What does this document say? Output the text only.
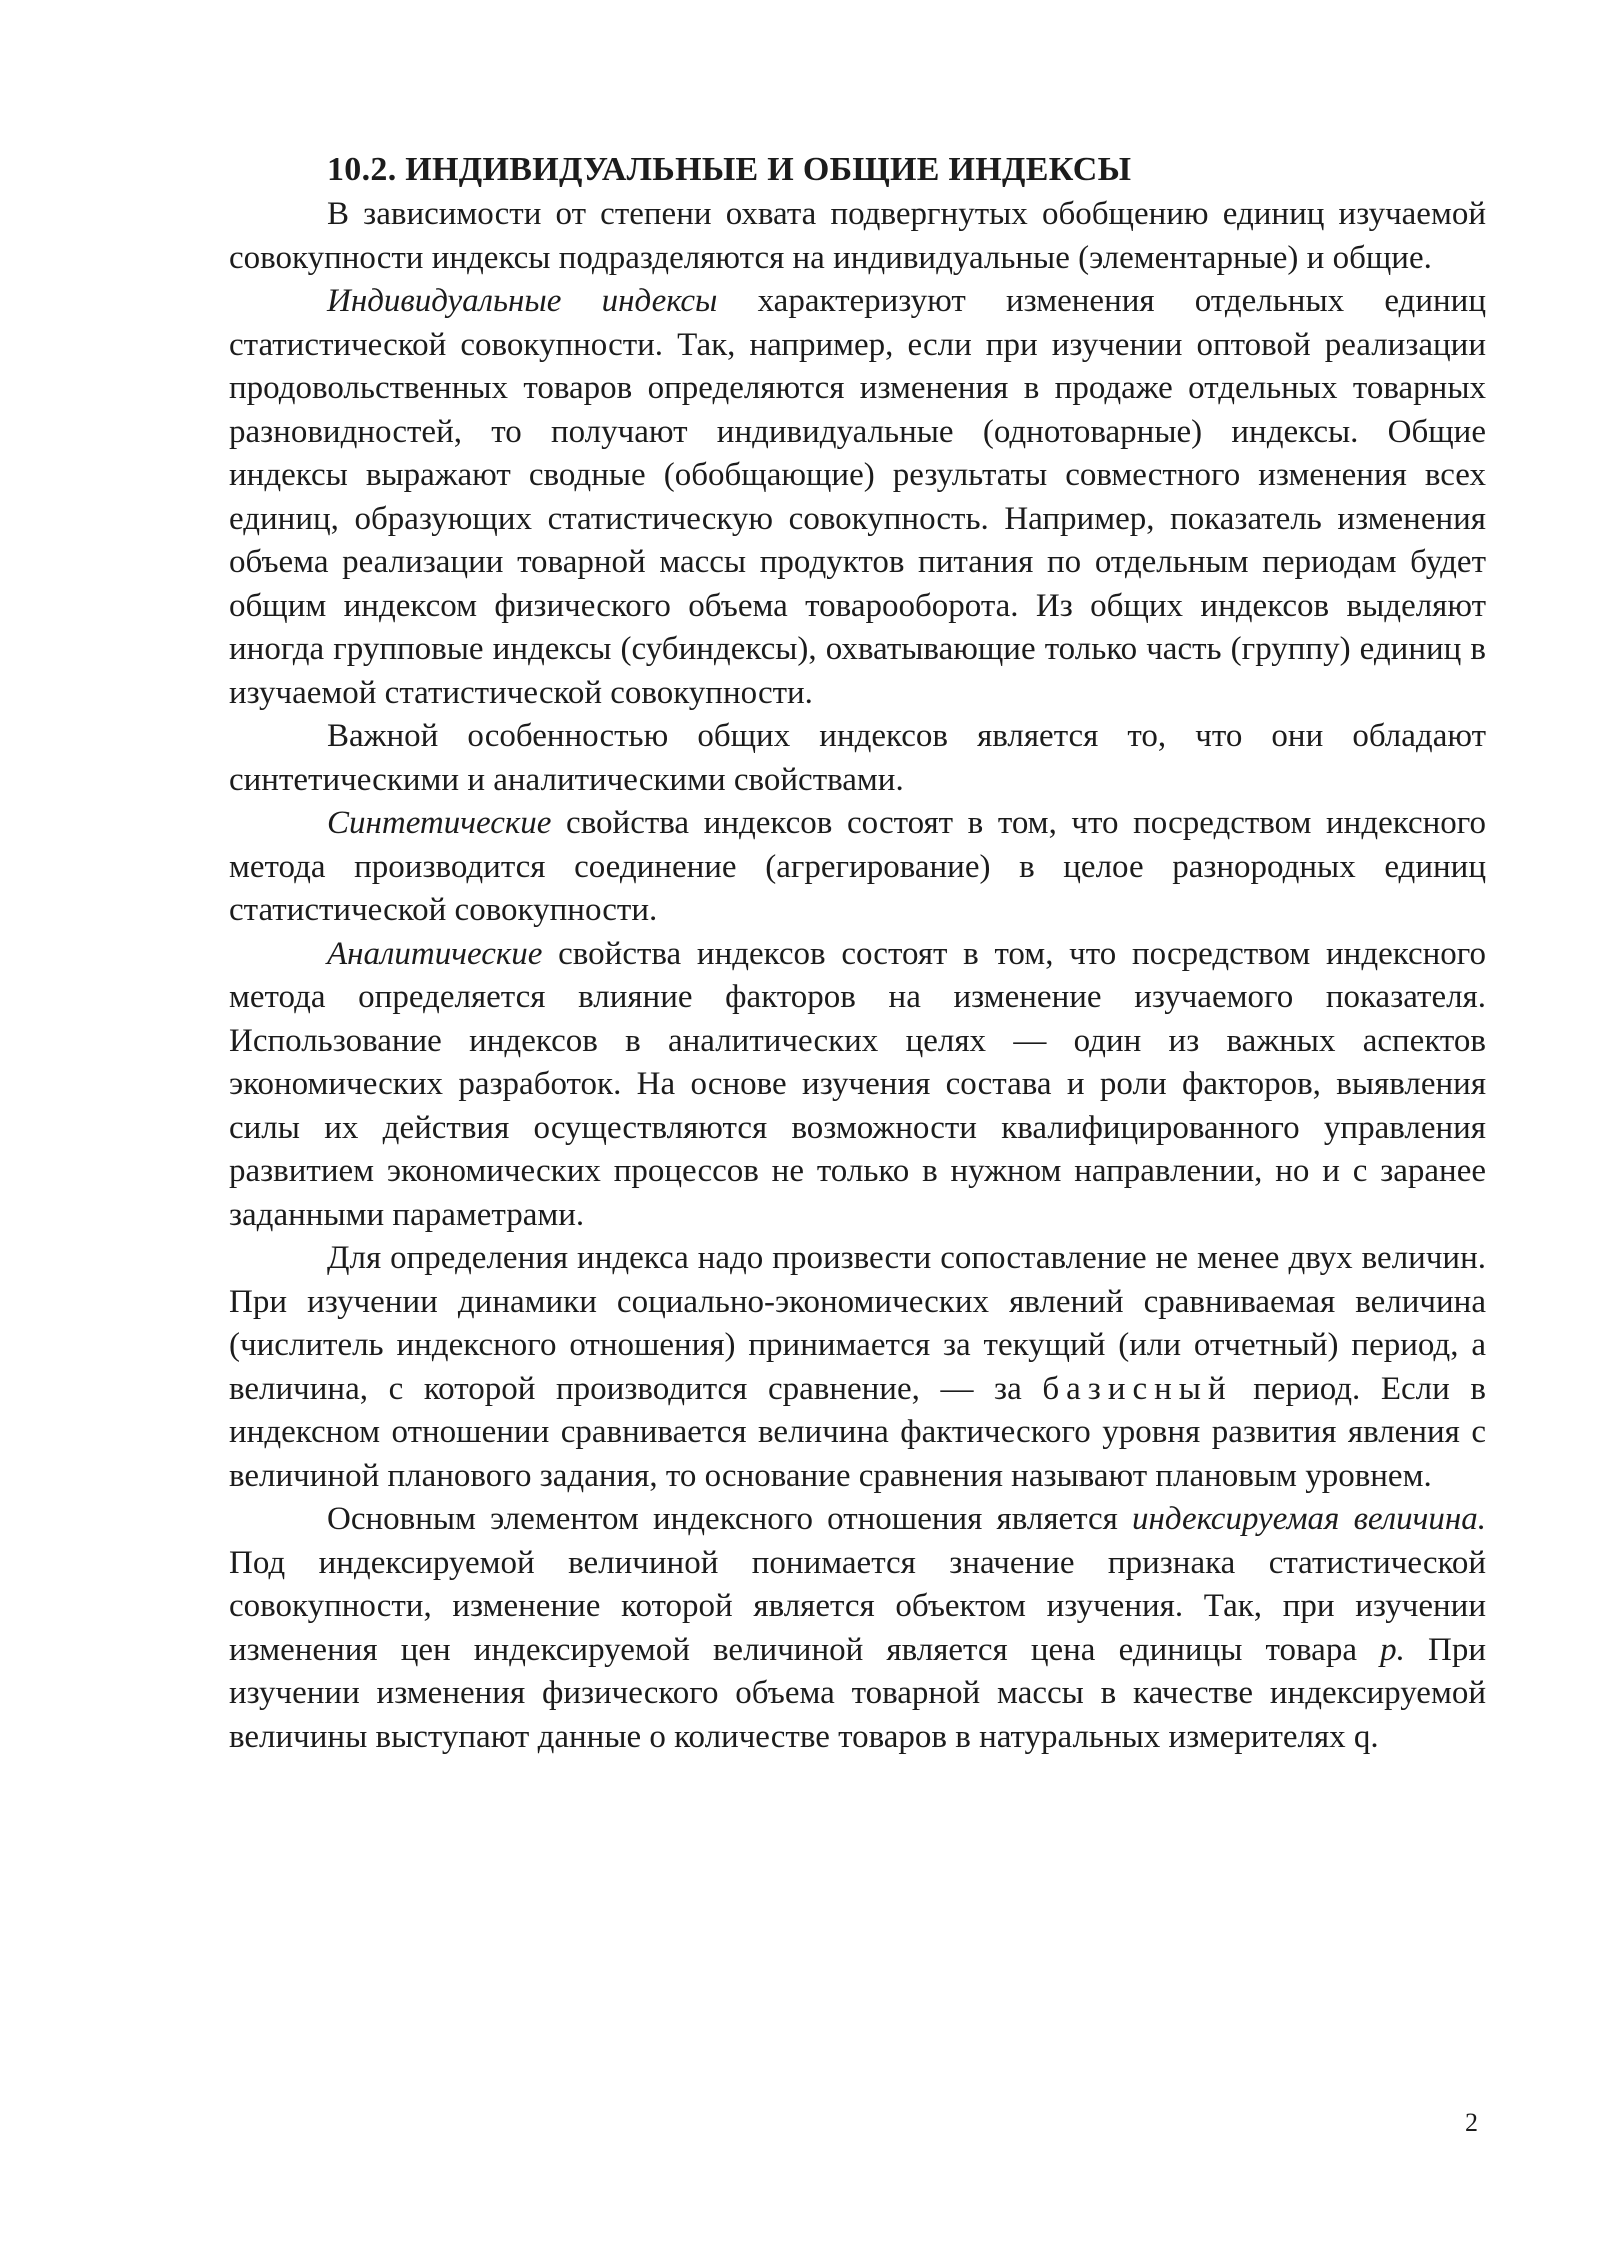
10.2. ИНДИВИДУАЛЬНЫЕ И ОБЩИЕ ИНДЕКСЫ

В зависимости от степени охвата подвергнутых обобщению единиц изучаемой совокупности индексы подразделяются на индивидуальные (элементарные) и общие.

Индивидуальные индексы характеризуют изменения отдельных единиц статистической совокупности. Так, например, если при изучении оптовой реализации продовольственных товаров определяются изменения в продаже отдельных товарных разновидностей, то получают индивидуальные (однотоварные) индексы. Общие индексы выражают сводные (обобщающие) результаты совместного изменения всех единиц, образующих статистическую совокупность. Например, показатель изменения объема реализации товарной массы продуктов питания по отдельным периодам будет общим индексом физического объема товарооборота. Из общих индексов выделяют иногда групповые индексы (субиндексы), охватывающие только часть (группу) единиц в изучаемой статистической совокупности.

Важной особенностью общих индексов является то, что они обладают синтетическими и аналитическими свойствами.

Синтетические свойства индексов состоят в том, что посредством индексного метода производится соединение (агрегирование) в целое разнородных единиц статистической совокупности.

Аналитические свойства индексов состоят в том, что посредством индексного метода определяется влияние факторов на изменение изучаемого показателя. Использование индексов в аналитических целях — один из важных аспектов экономических разработок. На основе изучения состава и роли факторов, выявления силы их действия осуществляются возможности квалифицированного управления развитием экономических процессов не только в нужном направлении, но и с заранее заданными параметрами.

Для определения индекса надо произвести сопоставление не менее двух величин. При изучении динамики социально-экономических явлений сравниваемая величина (числитель индексного отношения) принимается за текущий (или отчетный) период, а величина, с которой производится сравнение, — за базисный период. Если в индексном отношении сравнивается величина фактического уровня развития явления с величиной планового задания, то основание сравнения называют плановым уровнем.

Основным элементом индексного отношения является индексируемая величина. Под индексируемой величиной понимается значение признака статистической совокупности, изменение которой является объектом изучения. Так, при изучении изменения цен индексируемой величиной является цена единицы товара p. При изучении изменения физического объема товарной массы в качестве индексируемой величины выступают данные о количестве товаров в натуральных измерителях q.

2
